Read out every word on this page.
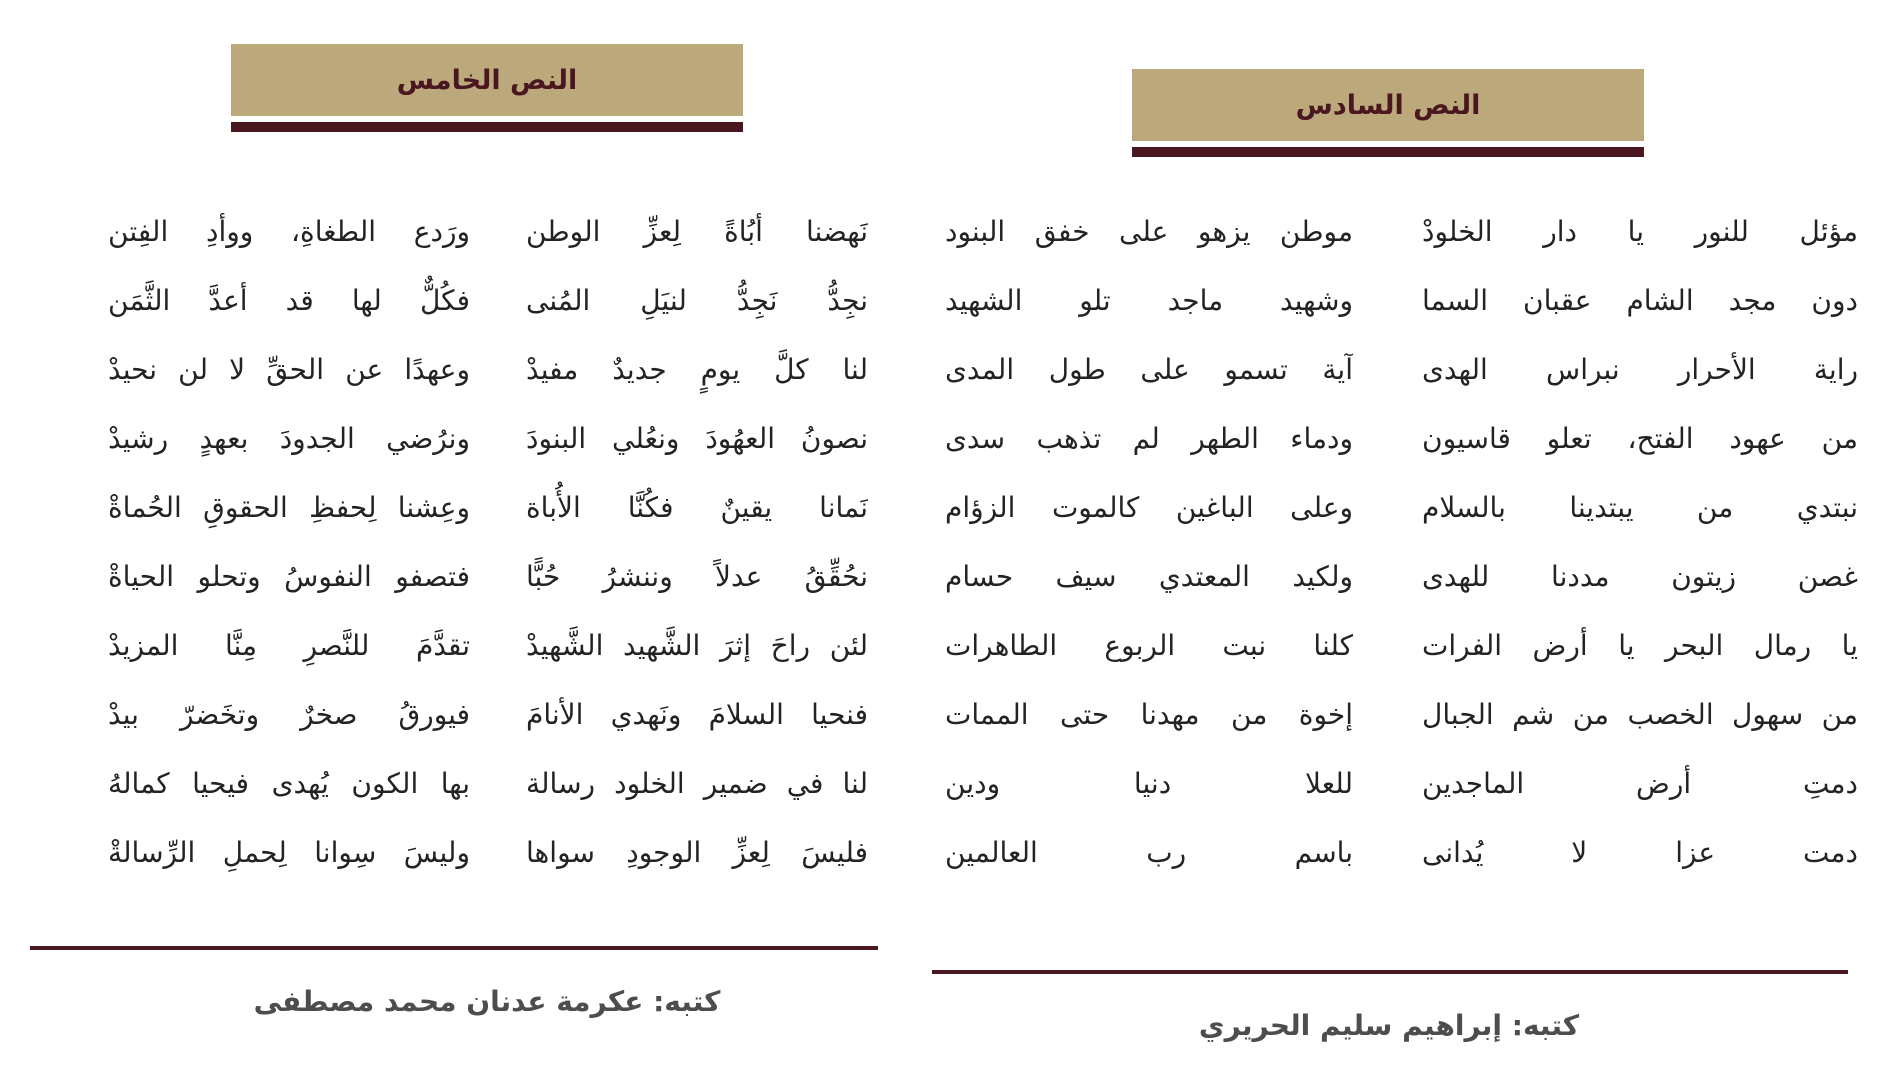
النص الخامس
نَهضنا أبُاةً لِعزِّ الوطن
نجِدُّ نَجِدُّ لنيَلِ المُنى
لنا كلَّ يومٍ جديدٌ مفيدْ
نصونُ العهُودَ ونعُلي البنودَ
نَمانا يقينٌ فكُنَّا الأُباة
نحُقِّقُ عدلاً وننشرُ حُبًّا
لئن راحَ إثرَ الشَّهيد الشَّهيدْ
فنحيا السلامَ ونَهدي الأنامَ
لنا في ضمير الخلود رسالة
فليسَ لِعزِّ الوجودِ سواها
ورَدع الطغاةِ، ووأدِ الفِتن
فكُلٌّ لها قد أعدَّ الثَّمَن
وعهدًا عن الحقِّ لا لن نحيدْ
ونرُضي الجدودَ بعهدٍ رشيدْ
وعِشنا لِحفظِ الحقوقِ الحُماةْ
فتصفو النفوسُ وتحلو الحياةْ
تقدَّمَ للنَّصرِ مِنَّا المزيدْ
فيورقُ صخرٌ وتخَضرّ بيدْ
بها الكون يُهدى فيحيا كمالهُ
وليسَ سِوانا لِحملِ الرِّسالةْ
كتبه: عكرمة عدنان محمد مصطفى
النص السادس
مؤئل للنور يا دار الخلودْ
دون مجد الشام عقبان السما
راية الأحرار نبراس الهدى
من عهود الفتح، تعلو قاسيون
نبتدي من يبتدينا بالسلام
غصن زيتون مددنا للهدى
يا رمال البحر يا أرض الفرات
من سهول الخصب من شم الجبال
دمتِ أرض الماجدين
دمت عزا لا يُدانى
موطن يزهو على خفق البنود
وشهيد ماجد تلو الشهيد
آية تسمو على طول المدى
ودماء الطهر لم تذهب سدى
وعلى الباغين كالموت الزؤام
ولكيد المعتدي سيف حسام
كلنا نبت الربوع الطاهرات
إخوة من مهدنا حتى الممات
للعلا دنيا ودين
باسم رب العالمين
كتبه: إبراهيم سليم الحريري
